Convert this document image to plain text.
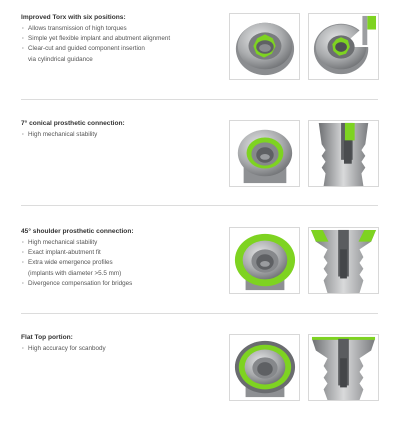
Improved Torx with six positions:
· Allows transmission of high torques
· Simple yet flexible implant and abutment alignment
· Clear-cut and guided component insertion
via cylindrical guidance
7° conical prosthetic connection:
· High mechanical stability
45° shoulder prosthetic connection:
· High mechanical stability
· Exact implant-abutment fit
· Extra wide emergence profiles
(implants with diameter >5.5 mm)
· Divergence compensation for bridges
Flat Top portion:
· High accuracy for scanbody
